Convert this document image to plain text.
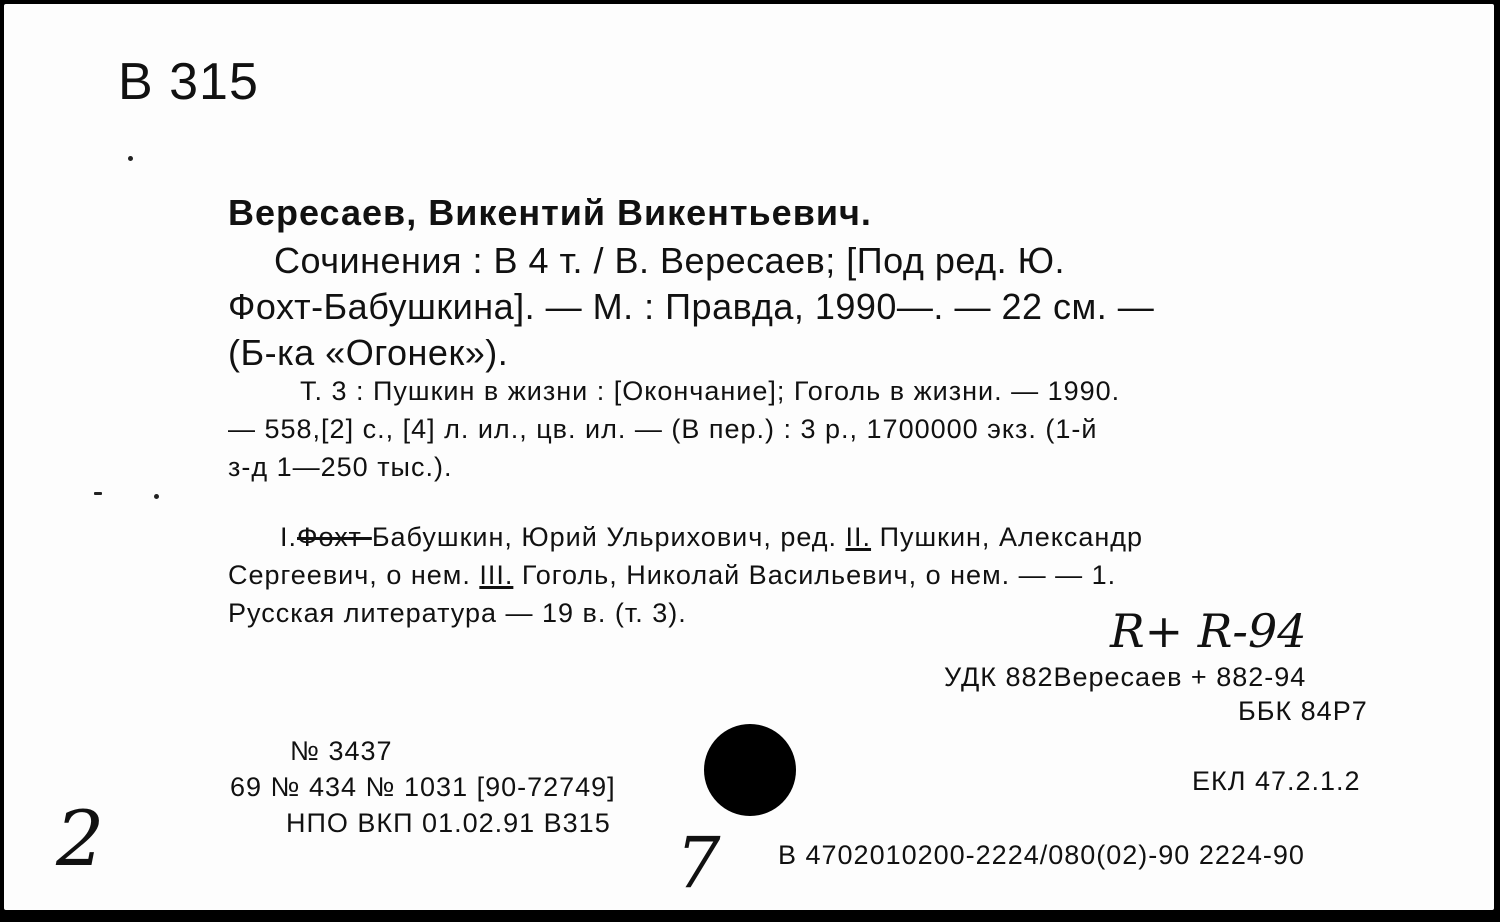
В 315
Вересаев, Викентий Викентьевич.
Сочинения : В 4 т. / В. Вересаев; [Под ред. Ю.
Фохт-Бабушкина]. — М. : Правда, 1990—. — 22 см. —
(Б-ка «Огонек»).
Т. 3 : Пушкин в жизни : [Окончание]; Гоголь в жизни. — 1990.
— 558,[2] с., [4] л. ил., цв. ил. — (В пер.) : 3 р., 1700000 экз. (1-й
з-д 1—250 тыс.).
I.Фохт-Бабушкин, Юрий Ульрихович, ред. II. Пушкин, Александр
Сергеевич, о нем. III. Гоголь, Николай Васильевич, о нем. — — 1.
Русская литература — 19 в. (т. 3).	R+ R-94
УДК 882Вересаев + 882-94
ББК 84Р7
№ 3437
69 № 434 № 1031 [90-72749]
НПО ВКП 01.02.91 В315
ЕКЛ 47.2.1.2
В 4702010200-2224/080(02)-90 2224-90
2	7
